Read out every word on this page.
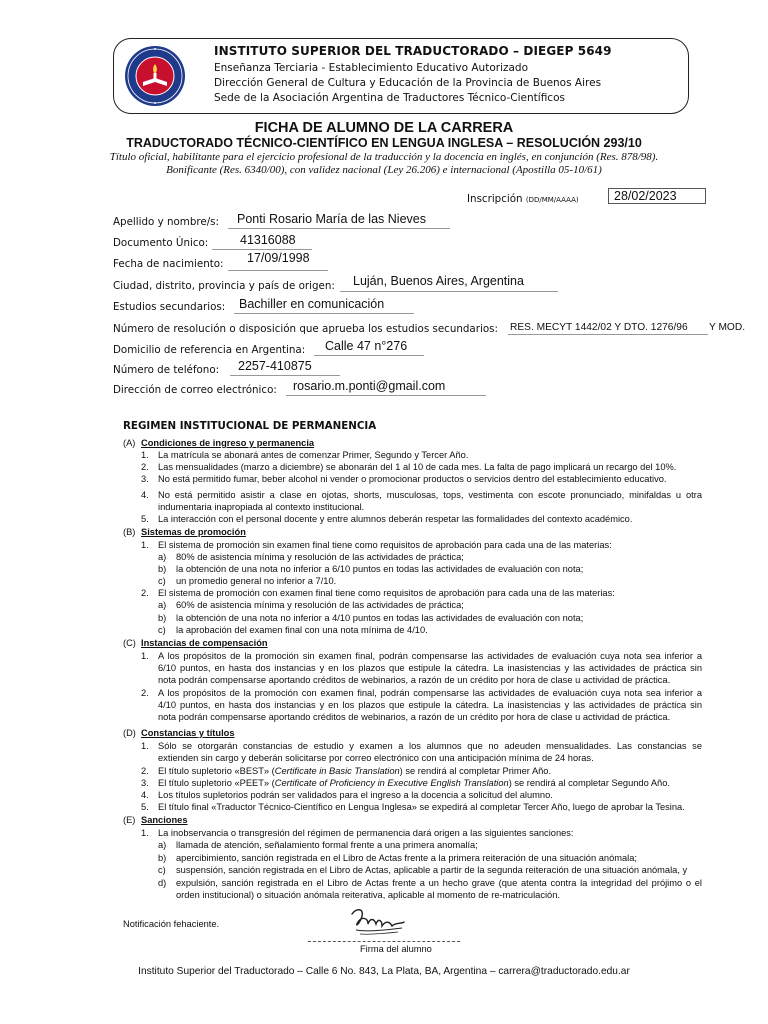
INSTITUTO SUPERIOR DEL TRADUCTORADO – DIEGEP 5649
Enseñanza Terciaria - Establecimiento Educativo Autorizado
Dirección General de Cultura y Educación de la Provincia de Buenos Aires
Sede de la Asociación Argentina de Traductores Técnico-Científicos
FICHA DE ALUMNO DE LA CARRERA
TRADUCTORADO TÉCNICO-CIENTÍFICO EN LENGUA INGLESA – RESOLUCIÓN 293/10
Título oficial, habilitante para el ejercicio profesional de la traducción y la docencia en inglés, en conjunción (Res. 878/98).
Bonificante (Res. 6340/00), con validez nacional (Ley 26.206) e internacional (Apostilla 05-10/61)
Inscripción (DD/MM/AAAA)	28/02/2023
Apellido y nombre/s: Ponti Rosario María de las Nieves
Documento Único:	41316088
Fecha de nacimiento: 17/09/1998
Ciudad, distrito, provincia y país de origen: Luján, Buenos Aires, Argentina
Estudios secundarios: Bachiller en comunicación
Número de resolución o disposición que aprueba los estudios secundarios: RES. MECYT 1442/02 Y DTO. 1276/96 Y MOD.
Domicilio de referencia en Argentina: Calle 47 n°276
Número de teléfono: 2257-410875
Dirección de correo electrónico: rosario.m.ponti@gmail.com
REGIMEN INSTITUCIONAL DE PERMANENCIA
(A) Condiciones de ingreso y permanencia
1. La matrícula se abonará antes de comenzar Primer, Segundo y Tercer Año.
2. Las mensualidades (marzo a diciembre) se abonarán del 1 al 10 de cada mes. La falta de pago implicará un recargo del 10%.
3. No está permitido fumar, beber alcohol ni vender o promocionar productos o servicios dentro del establecimiento educativo.
4. No está permitido asistir a clase en ojotas, shorts, musculosas, tops, vestimenta con escote pronunciado, minifaldas u otra
indumentaria inapropiada al contexto institucional.
5. La interacción con el personal docente y entre alumnos deberán respetar las formalidades del contexto académico.
(B) Sistemas de promoción
1. El sistema de promoción sin examen final tiene como requisitos de aprobación para cada una de las materias:
a) 80% de asistencia mínima y resolución de las actividades de práctica;
b) la obtención de una nota no inferior a 6/10 puntos en todas las actividades de evaluación con nota;
c) un promedio general no inferior a 7/10.
2. El sistema de promoción con examen final tiene como requisitos de aprobación para cada una de las materias:
a) 60% de asistencia mínima y resolución de las actividades de práctica;
b) la obtención de una nota no inferior a 4/10 puntos en todas las actividades de evaluación con nota;
c) la aprobación del examen final con una nota mínima de 4/10.
(C) Instancias de compensación
1. A los propósitos de la promoción sin examen final, podrán compensarse las actividades de evaluación cuya nota sea inferior a
6/10 puntos, en hasta dos instancias y en los plazos que estipule la cátedra. La inasistencias y las actividades de práctica sin
nota podrán compensarse aportando créditos de webinarios, a razón de un crédito por hora de clase u actividad de práctica.
2. A los propósitos de la promoción con examen final, podrán compensarse las actividades de evaluación cuya nota sea inferior a
4/10 puntos, en hasta dos instancias y en los plazos que estipule la cátedra. La inasistencias y las actividades de práctica sin
nota podrán compensarse aportando créditos de webinarios, a razón de un crédito por hora de clase u actividad de práctica.
(D) Constancias y títulos
1. Sólo se otorgarán constancias de estudio y examen a los alumnos que no adeuden mensualidades. Las constancias se
extienden sin cargo y deberán solicitarse por correo electrónico con una anticipación mínima de 24 horas.
2. El título supletorio «BEST» (Certificate in Basic Translation) se rendirá al completar Primer Año.
3. El título supletorio «PEET» (Certificate of Proficiency in Executive English Translation) se rendirá al completar Segundo Año.
4. Los títulos supletorios podrán ser validados para el ingreso a la docencia a solicitud del alumno.
5. El título final «Traductor Técnico-Científico en Lengua Inglesa» se expedirá al completar Tercer Año, luego de aprobar la Tesina.
(E) Sanciones
1. La inobservancia o transgresión del régimen de permanencia dará origen a las siguientes sanciones:
a) llamada de atención, señalamiento formal frente a una primera anomalía;
b) apercibimiento, sanción registrada en el Libro de Actas frente a la primera reiteración de una situación anómala;
c) suspensión, sanción registrada en el Libro de Actas, aplicable a partir de la segunda reiteración de una situación anómala, y
d) expulsión, sanción registrada en el Libro de Actas frente a un hecho grave (que atenta contra la integridad del prójimo o el
orden institucional) o situación anómala reiterativa, aplicable al momento de re-matriculación.
Notificación fehaciente.
Firma del alumno
Instituto Superior del Traductorado – Calle 6 No. 843, La Plata, BA, Argentina – carrera@traductorado.edu.ar
